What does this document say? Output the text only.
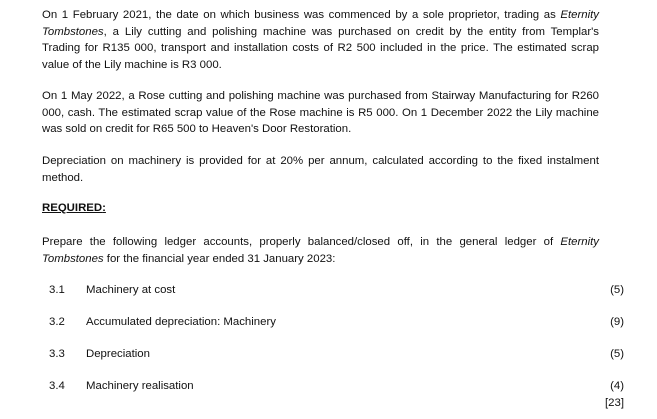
On 1 February 2021, the date on which business was commenced by a sole proprietor, trading as Eternity Tombstones, a Lily cutting and polishing machine was purchased on credit by the entity from Templar's Trading for R135 000, transport and installation costs of R2 500 included in the price. The estimated scrap value of the Lily machine is R3 000.

On 1 May 2022, a Rose cutting and polishing machine was purchased from Stairway Manufacturing for R260 000, cash. The estimated scrap value of the Rose machine is R5 000. On 1 December 2022 the Lily machine was sold on credit for R65 500 to Heaven's Door Restoration.

Depreciation on machinery is provided for at 20% per annum, calculated according to the fixed instalment method.

REQUIRED:

Prepare the following ledger accounts, properly balanced/closed off, in the general ledger of Eternity Tombstones for the financial year ended 31 January 2023:

3.1 Machinery at cost	(5)
3.2 Accumulated depreciation: Machinery	(9)
3.3 Depreciation	(5)
3.4 Machinery realisation	(4)
[23]
